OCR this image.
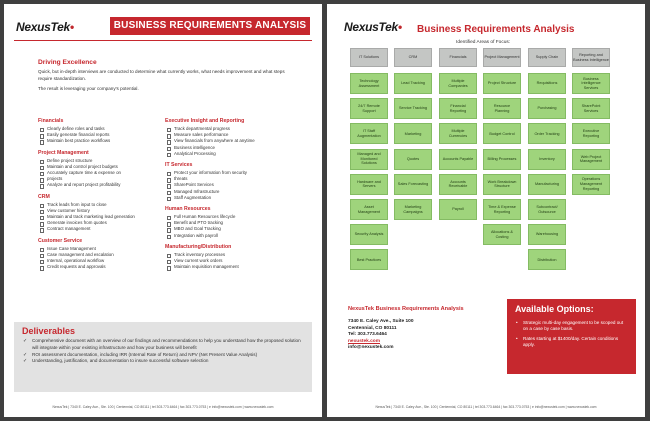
NexusTek•	BUSINESS REQUIREMENTS ANALYSIS
Driving Excellence
Quick, but in-depth interviews are conducted to determine what currently works, what needs improvement and what steps require standardization.
The result is leveraging your company's potential.
Financials
Clearly define roles and tasks
Easily generate financial reports
Maintain best practice workflows
Project Management
Define project structure
Maintain and control project budgets
Accurately capture time & expense on
projects
Analyze and report project profitability
CRM
Track leads from input to close
View customer history
Maintain and track marketing lead generation
Generate invoices from quotes
Contract management
Customer Service
Issue Case Management
Case management and escalation
Internal, operational workflow
Credit requests and approvals
Executive Insight and Reporting
Track departmental progress
Measure sales performance
View financials from anywhere at anytime
Business intelligence
Analytical Processing
IT Services
Protect your information from security
threats
SharePoint Services
Managed Infrastructure
Staff Augmentation
Human Resources
Full Human Resources lifecycle
Benefit and PTO tracking
MBO and Goal Tracking
Integration with payroll
Manufacturing/Distribution
Track inventory processes
View current work orders
Maintain requisition management
Deliverables
✓ Comprehensive document with an overview of our findings and recommendations to help you understand how the proposed solution will integrate within your existing infrastructure and how your business will benefit
✓ ROI assessment documentation, including IRR (Internal Rate of Return) and NPV (Net Present Value Analysis)
✓ Understanding, justification, and documentation to insure successful software selection
NexusTek | 7340 E. Caley Ave., Ste. 100 | Centennial, CO 80111 | tel 303.773.6464 | fax 303.773.0753 | e info@nexustek.com | www.nexustek.com
NexusTek• Business Requirements Analysis
Identified Areas of Focus:
IT Solutions
Technology Assessment
24/7 Remote Support
IT Staff Augmentation
Managed and Monitored Solutions
Hardware and Servers
Asset Management
Security Analysis
Best Practices
CRM
Lead Tracking
Service Tracking
Marketing
Quotes
Sales Forecasting
Marketing Campaigns
Financials
Multiple Companies
Financial Reporting
Multiple Currencies
Accounts Payable
Accounts Receivable
Payroll
Project Management
Project Structure
Resource Planning
Budget Control
Billing Processes
Work Breakdown Structure
Time & Expense Reporting
Allocations & Costing
Supply Chain
Requisitions
Purchasing
Order Tracking
Inventory
Manufacturing
Subcontract/ Outsource
Warehousing
Distribution
Reporting and Business Intelligence
Business Intelligence Services
SharePoint Services
Executive Reporting
Web Project Management
Operations Management Reporting
NexusTek Business Requirements Analysis
7340 E. Caley Ave., Suite 100
Centennial, CO 80111
Tel: 303.773.6464
nexustek.com
info@nexustek.com
Available Options:
• Strategic multi-day engagement to be scoped out on a case by case basis.
• Rates starting at $1400/day. Certain conditions apply.
NexusTek | 7340 E. Caley Ave., Ste. 100 | Centennial, CO 80111 | tel 303.773.6464 | fax 303.773.0753 | e info@nexustek.com | www.nexustek.com
